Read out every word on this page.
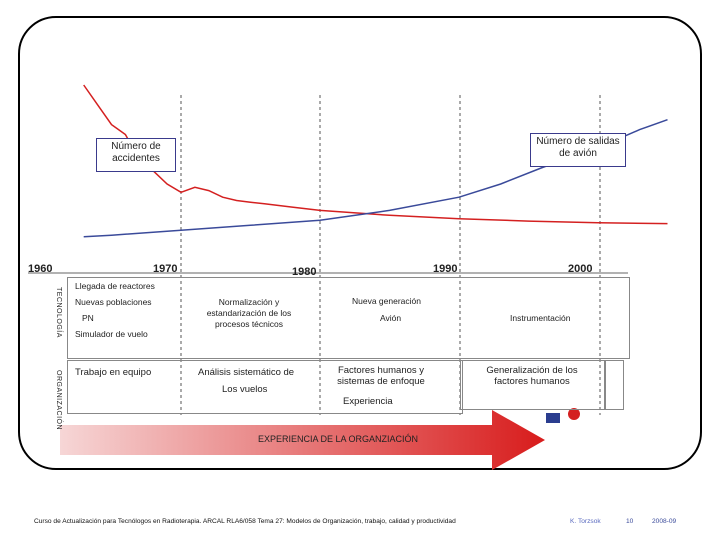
Número de accidentes
Número de salidas de avión
1960	1970	1980	1990	2000
TECNOLOGÍA
Llegada de reactores
Nuevas poblaciones
PN
Simulador de vuelo
Normalización y estandarización de los procesos técnicos
Nueva generación
Avión	Instrumentación
ORGANIZACIÓN Trabajo en equipo	Análisis sistemático de
Los vuelos
Factores humanos y sistemas de enfoque
Experiencia
Generalización de los factores humanos
EXPERIENCIA DE LA ORGANZIACIÓN
Curso de Actualización para Tecnólogos en Radioterapia. ARCAL RLA6/058 Tema 27: Modelos de Organización, trabajo, calidad y productividad	K. Torzsok	10	2008-09
